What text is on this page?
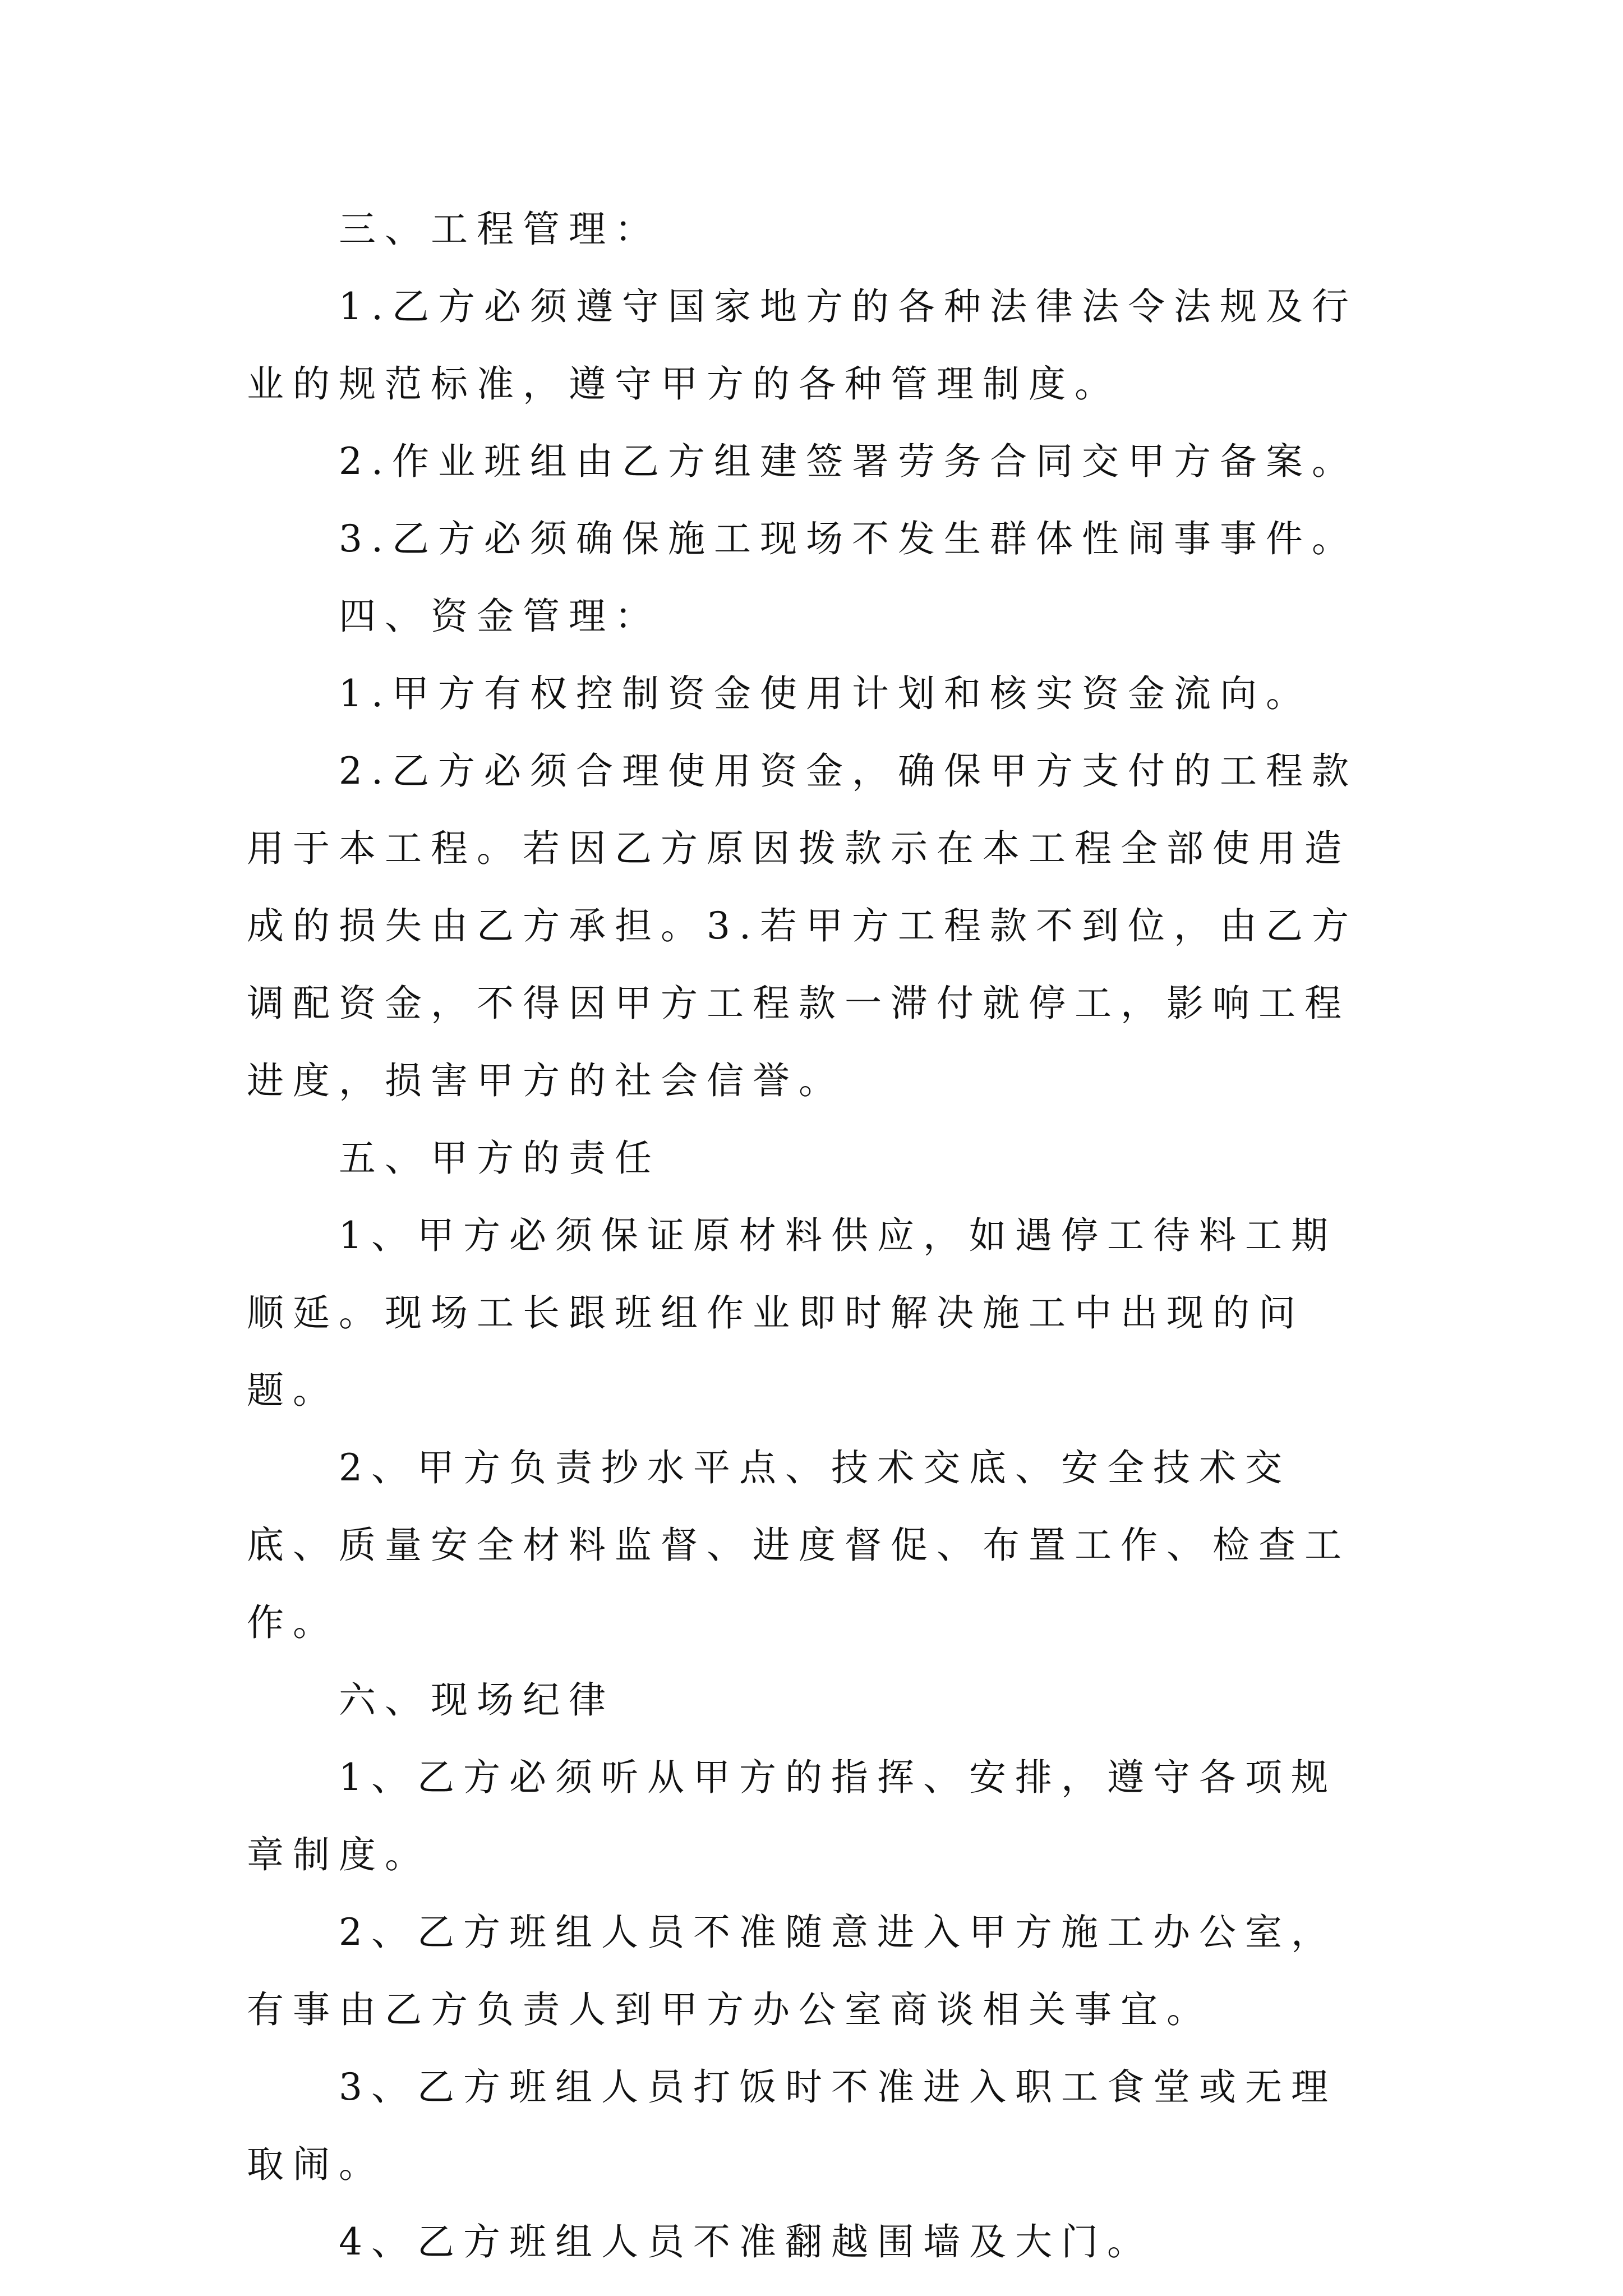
三、工程管理：

1.乙方必须遵守国家地方的各种法律法令法规及行业的规范标准，遵守甲方的各种管理制度。

2.作业班组由乙方组建签署劳务合同交甲方备案。

3.乙方必须确保施工现场不发生群体性闹事事件。

四、资金管理：

1.甲方有权控制资金使用计划和核实资金流向。

2.乙方必须合理使用资金，确保甲方支付的工程款用于本工程。若因乙方原因拨款示在本工程全部使用造成的损失由乙方承担。3.若甲方工程款不到位，由乙方调配资金，不得因甲方工程款一滞付就停工，影响工程进度，损害甲方的社会信誉。

五、甲方的责任

1、甲方必须保证原材料供应，如遇停工待料工期顺延。现场工长跟班组作业即时解决施工中出现的问题。

2、甲方负责抄水平点、技术交底、安全技术交底、质量安全材料监督、进度督促、布置工作、检查工作。

六、现场纪律

1、乙方必须听从甲方的指挥、安排，遵守各项规章制度。

2、乙方班组人员不准随意进入甲方施工办公室，有事由乙方负责人到甲方办公室商谈相关事宜。

3、乙方班组人员打饭时不准进入职工食堂或无理取闹。

4、乙方班组人员不准翻越围墙及大门。
